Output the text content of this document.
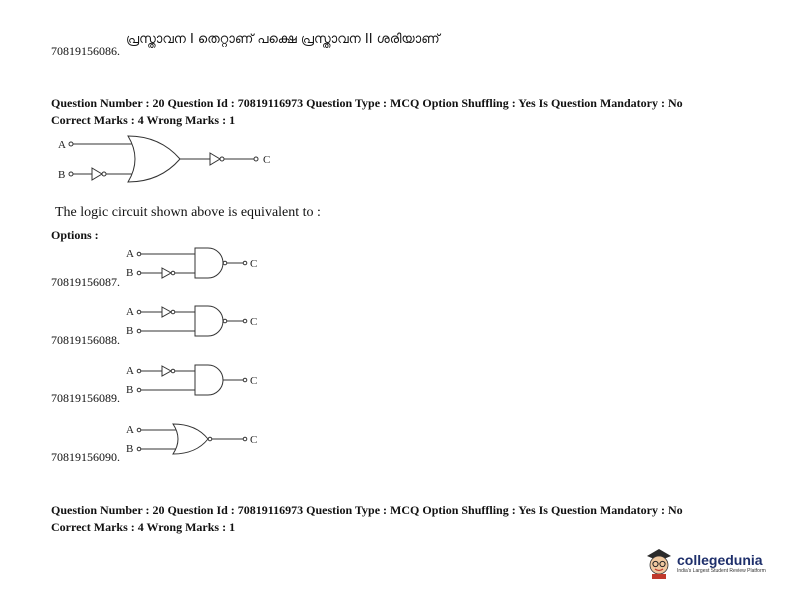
പ്രസ്താവന I തെറ്റാണ് പക്ഷെ പ്രസ്താവന II ശരിയാണ്
70819156086.
Question Number : 20 Question Id : 70819116973 Question Type : MCQ Option Shuffling : Yes Is Question Mandatory : No
Correct Marks : 4 Wrong Marks : 1
A
B
C
The logic circuit shown above is equivalent to :
Options :
A
B
C
70819156087.
A
B
C
70819156088.
A
B
C
70819156089.
A
B
C
70819156090.
Question Number : 20 Question Id : 70819116973 Question Type : MCQ Option Shuffling : Yes Is Question Mandatory : No
Correct Marks : 4 Wrong Marks : 1
collegedunia
India's Largest Student Review Platform
